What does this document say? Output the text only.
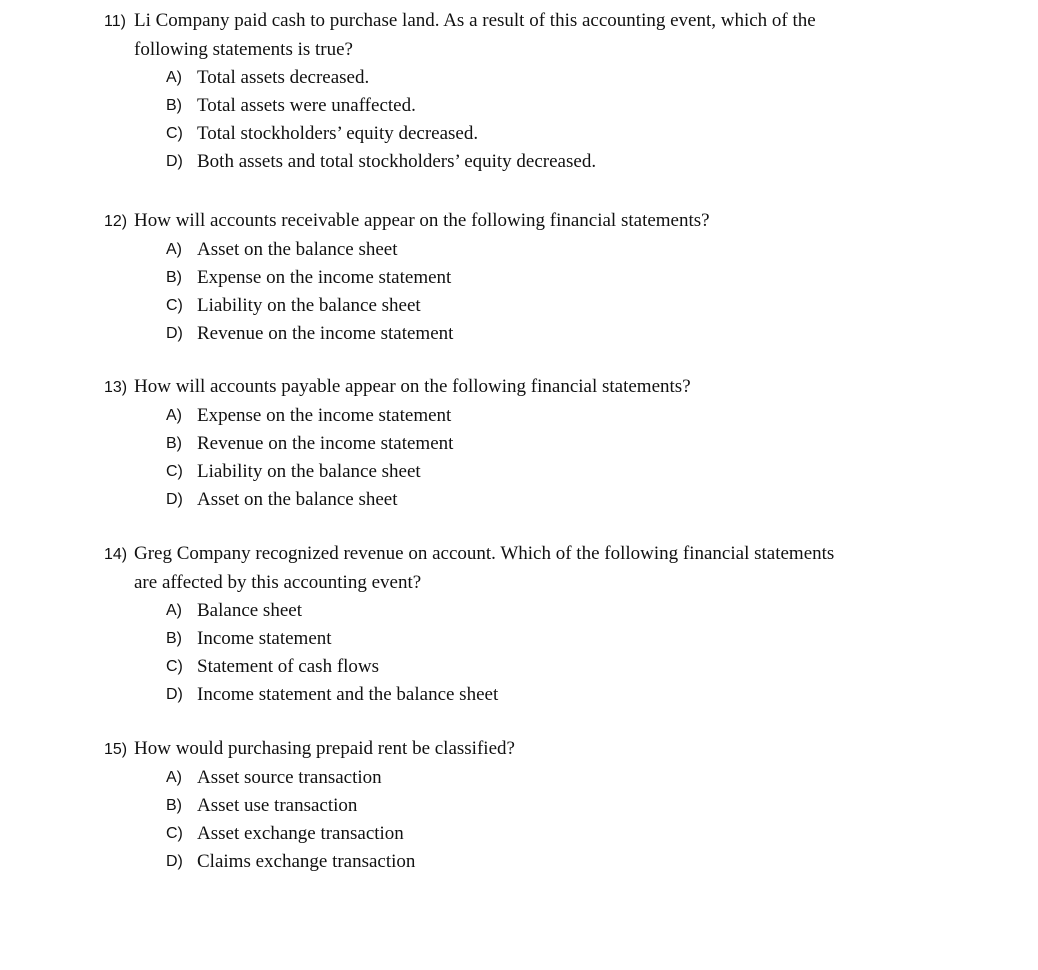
11) Li Company paid cash to purchase land. As a result of this accounting event, which of the
following statements is true?
A) Total assets decreased.
B) Total assets were unaffected.
C) Total stockholders’ equity decreased.
D) Both assets and total stockholders’ equity decreased.
12) How will accounts receivable appear on the following financial statements?
A) Asset on the balance sheet
B) Expense on the income statement
C) Liability on the balance sheet
D) Revenue on the income statement
13) How will accounts payable appear on the following financial statements?
A) Expense on the income statement
B) Revenue on the income statement
C) Liability on the balance sheet
D) Asset on the balance sheet
14) Greg Company recognized revenue on account. Which of the following financial statements
are affected by this accounting event?
A) Balance sheet
B) Income statement
C) Statement of cash flows
D) Income statement and the balance sheet
15) How would purchasing prepaid rent be classified?
A) Asset source transaction
B) Asset use transaction
C) Asset exchange transaction
D) Claims exchange transaction
